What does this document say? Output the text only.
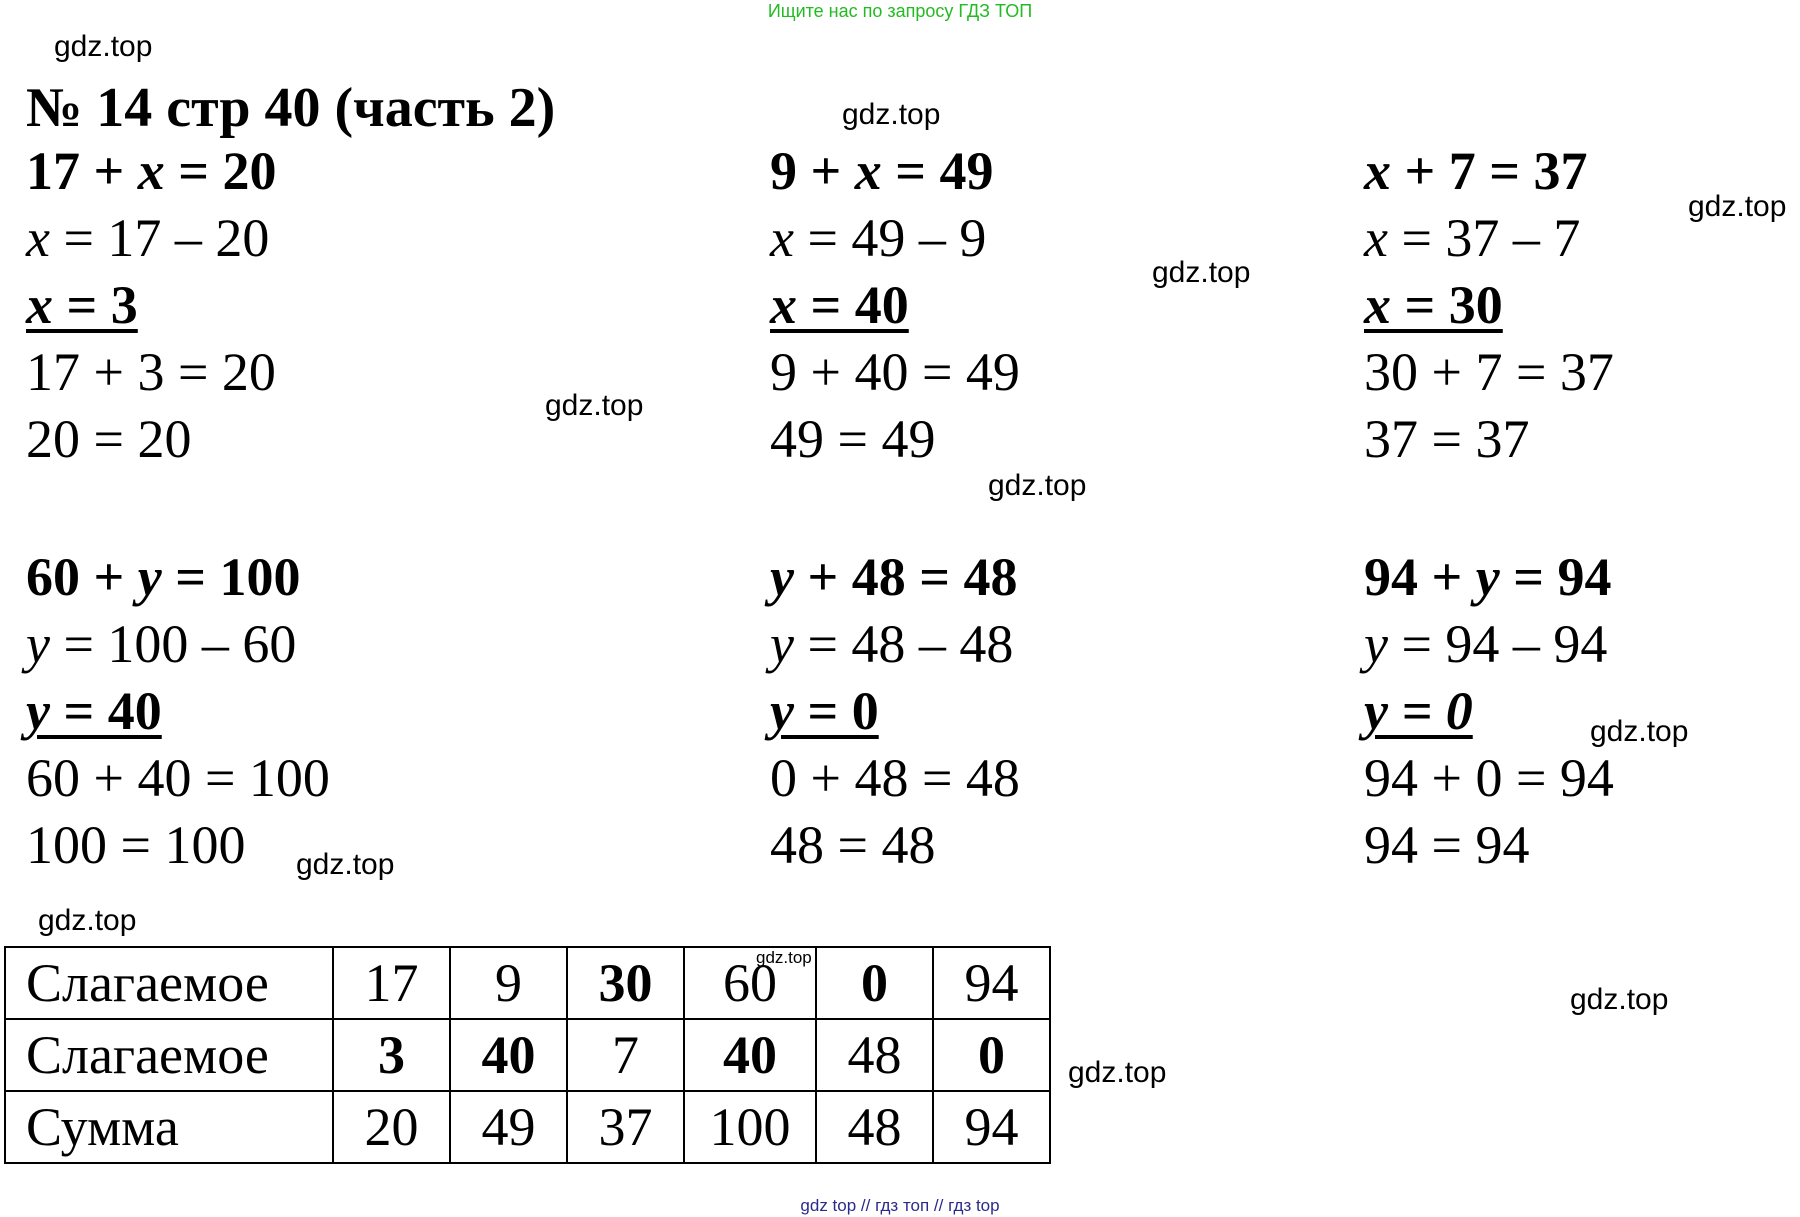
Ищите нас по запросу ГДЗ ТОП
gdz.top
gdz.top
gdz.top
gdz.top
gdz.top
gdz.top
gdz.top
gdz.top
gdz.top
gdz.top
gdz.top
gdz.top
№ 14 стр 40 (часть 2)
17 + x = 20
x = 17 – 20
x = 3
17 + 3 = 20
20 = 20
9 + x = 49
x = 49 – 9
x = 40
9 + 40 = 49
49 = 49
x + 7 = 37
x = 37 – 7
x = 30
30 + 7 = 37
37 = 37
60 + y = 100
y = 100 – 60
y = 40
60 + 40 = 100
100 = 100
y + 48 = 48
y = 48 – 48
y = 0
0 + 48 = 48
48 = 48
94 + y = 94
y = 94 – 94
y = 0
94 + 0 = 94
94 = 94
Слагаемое	17	9	30	60	0	94
Слагаемое	3	40	7	40	48	0
Сумма	20	49	37	100	48	94
gdz top // гдз топ // гдз top
